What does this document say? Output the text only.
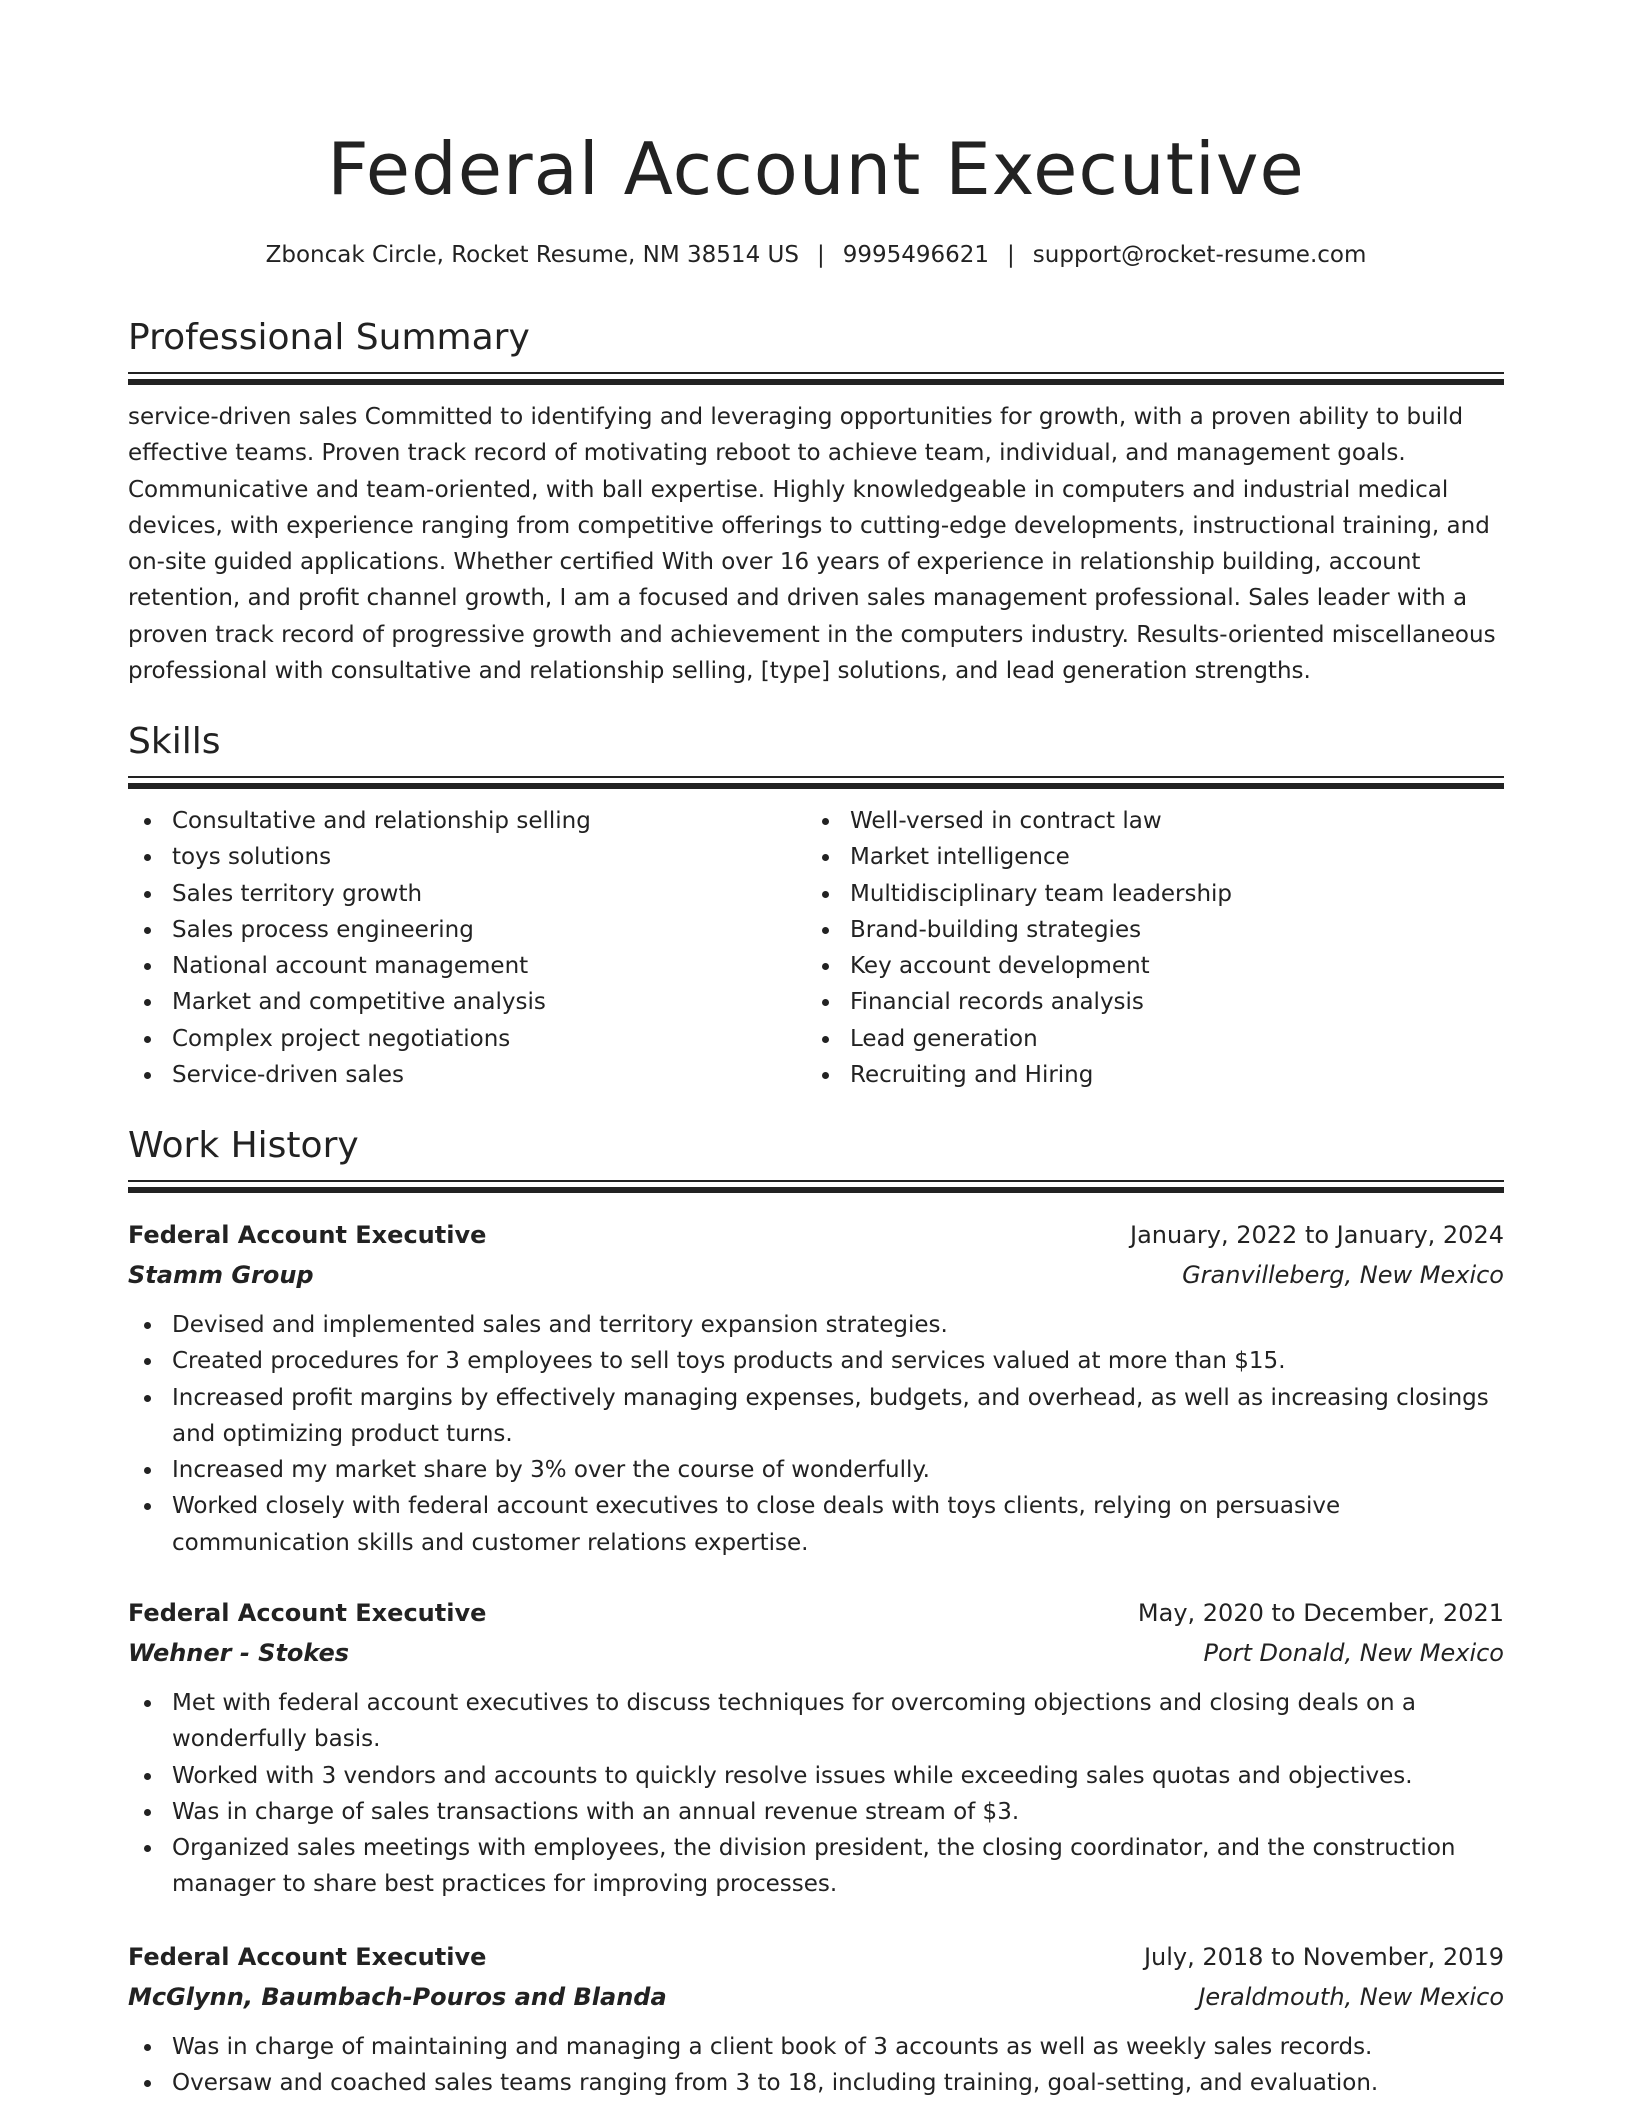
Federal Account Executive
Zboncak Circle, Rocket Resume, NM 38514 US | 9995496621 | support@rocket-resume.com
Professional Summary

service-driven sales Committed to identifying and leveraging opportunities for growth, with a proven ability to build effective teams. Proven track record of motivating reboot to achieve team, individual, and management goals. Communicative and team-oriented, with ball expertise. Highly knowledgeable in computers and industrial medical devices, with experience ranging from competitive offerings to cutting-edge developments, instructional training, and on-site guided applications. Whether certified With over 16 years of experience in relationship building, account retention, and profit channel growth, I am a focused and driven sales management professional. Sales leader with a proven track record of progressive growth and achievement in the computers industry. Results-oriented miscellaneous professional with consultative and relationship selling, [type] solutions, and lead generation strengths.

Skills
Consultative and relationship selling
toys solutions
Sales territory growth
Sales process engineering
National account management
Market and competitive analysis
Complex project negotiations
Service-driven sales
Well-versed in contract law
Market intelligence
Multidisciplinary team leadership
Brand-building strategies
Key account development
Financial records analysis
Lead generation
Recruiting and Hiring
Work History
Federal Account Executive	January, 2022 to January, 2024
Stamm Group	Granvilleberg, New Mexico
Devised and implemented sales and territory expansion strategies.
Created procedures for 3 employees to sell toys products and services valued at more than $15.
Increased profit margins by effectively managing expenses, budgets, and overhead, as well as increasing closings and optimizing product turns.
Increased my market share by 3% over the course of wonderfully.
Worked closely with federal account executives to close deals with toys clients, relying on persuasive communication skills and customer relations expertise.
Federal Account Executive	May, 2020 to December, 2021
Wehner - Stokes	Port Donald, New Mexico
Met with federal account executives to discuss techniques for overcoming objections and closing deals on a wonderfully basis.
Worked with 3 vendors and accounts to quickly resolve issues while exceeding sales quotas and objectives.
Was in charge of sales transactions with an annual revenue stream of $3.
Organized sales meetings with employees, the division president, the closing coordinator, and the construction manager to share best practices for improving processes.
Federal Account Executive	July, 2018 to November, 2019
McGlynn, Baumbach-Pouros and Blanda	Jeraldmouth, New Mexico
Was in charge of maintaining and managing a client book of 3 accounts as well as weekly sales records.
Oversaw and coached sales teams ranging from 3 to 18, including training, goal-setting, and evaluation.
